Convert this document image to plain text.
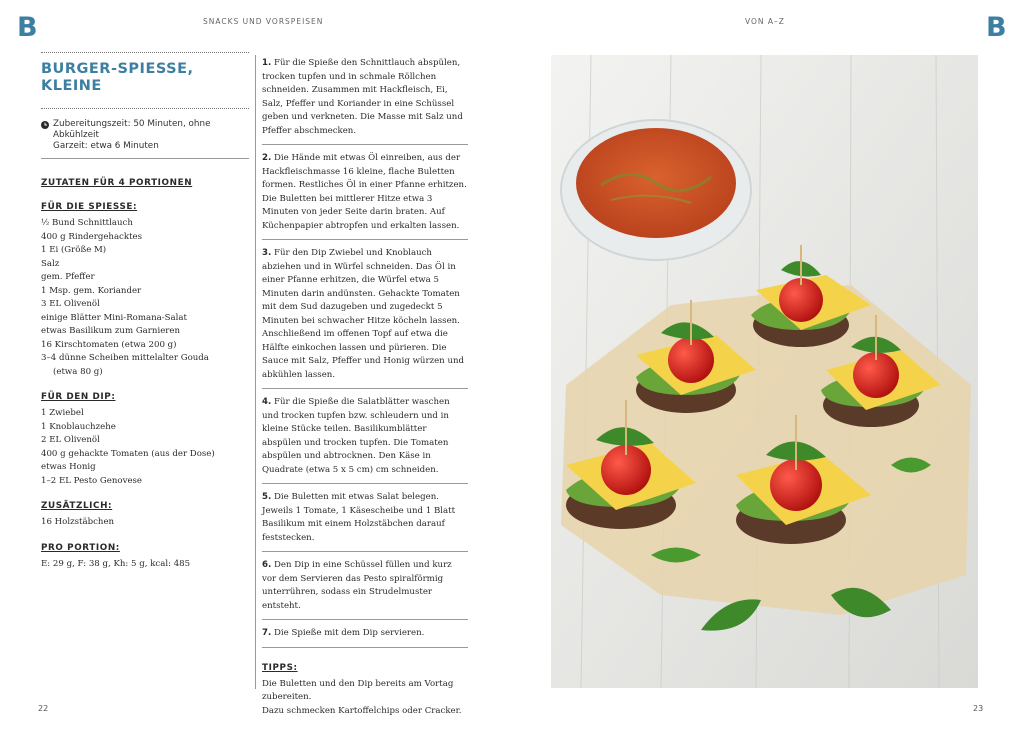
B	SNACKS UND VORSPEISEN	VON A–Z	B
BURGER-SPIESSE, KLEINE
Zubereitungszeit: 50 Minuten, ohne Abkühlzeit
Garzeit: etwa 6 Minuten
ZUTATEN FÜR 4 PORTIONEN
FÜR DIE SPIESSE:
½ Bund Schnittlauch
400 g Rindergehacktes
1 Ei (Größe M)
Salz
gem. Pfeffer
1 Msp. gem. Koriander
3 EL Olivenöl
einige Blätter Mini-Romana-Salat
etwas Basilikum zum Garnieren
16 Kirschtomaten (etwa 200 g)
3–4 dünne Scheiben mittelalter Gouda
(etwa 80 g)
FÜR DEN DIP:
1 Zwiebel
1 Knoblauchzehe
2 EL Olivenöl
400 g gehackte Tomaten (aus der Dose)
etwas Honig
1–2 EL Pesto Genovese
ZUSÄTZLICH:
16 Holzstäbchen
PRO PORTION:
E: 29 g, F: 38 g, Kh: 5 g, kcal: 485
1. Für die Spieße den Schnittlauch abspülen, trocken tupfen und in schmale Röllchen schneiden. Zusammen mit Hackfleisch, Ei, Salz, Pfeffer und Koriander in eine Schüssel geben und verkneten. Die Masse mit Salz und Pfeffer abschmecken.
2. Die Hände mit etwas Öl einreiben, aus der Hackfleischmasse 16 kleine, flache Buletten formen. Restliches Öl in einer Pfanne erhitzen. Die Buletten bei mittlerer Hitze etwa 3 Minuten von jeder Seite darin braten. Auf Küchenpapier abtropfen und erkalten lassen.
3. Für den Dip Zwiebel und Knoblauch abziehen und in Würfel schneiden. Das Öl in einer Pfanne erhitzen, die Würfel etwa 5 Minuten darin andünsten. Gehackte Tomaten mit dem Sud dazugeben und zugedeckt 5 Minuten bei schwacher Hitze köcheln lassen. Anschließend im offenen Topf auf etwa die Hälfte einkochen lassen und pürieren. Die Sauce mit Salz, Pfeffer und Honig würzen und abkühlen lassen.
4. Für die Spieße die Salatblätter waschen und trocken tupfen bzw. schleudern und in kleine Stücke teilen. Basilikumblätter abspülen und trocken tupfen. Die Tomaten abspülen und abtrocknen. Den Käse in Quadrate (etwa 5 x 5 cm) cm schneiden.
5. Die Buletten mit etwas Salat belegen. Jeweils 1 Tomate, 1 Käsescheibe und 1 Blatt Basilikum mit einem Holzstäbchen darauf feststecken.
6. Den Dip in eine Schüssel füllen und kurz vor dem Servieren das Pesto spiralförmig unterrühren, sodass ein Strudelmuster entsteht.
7. Die Spieße mit dem Dip servieren.
TIPPS:
Die Buletten und den Dip bereits am Vortag zubereiten.
Dazu schmecken Kartoffelchips oder Cracker.
22	23
